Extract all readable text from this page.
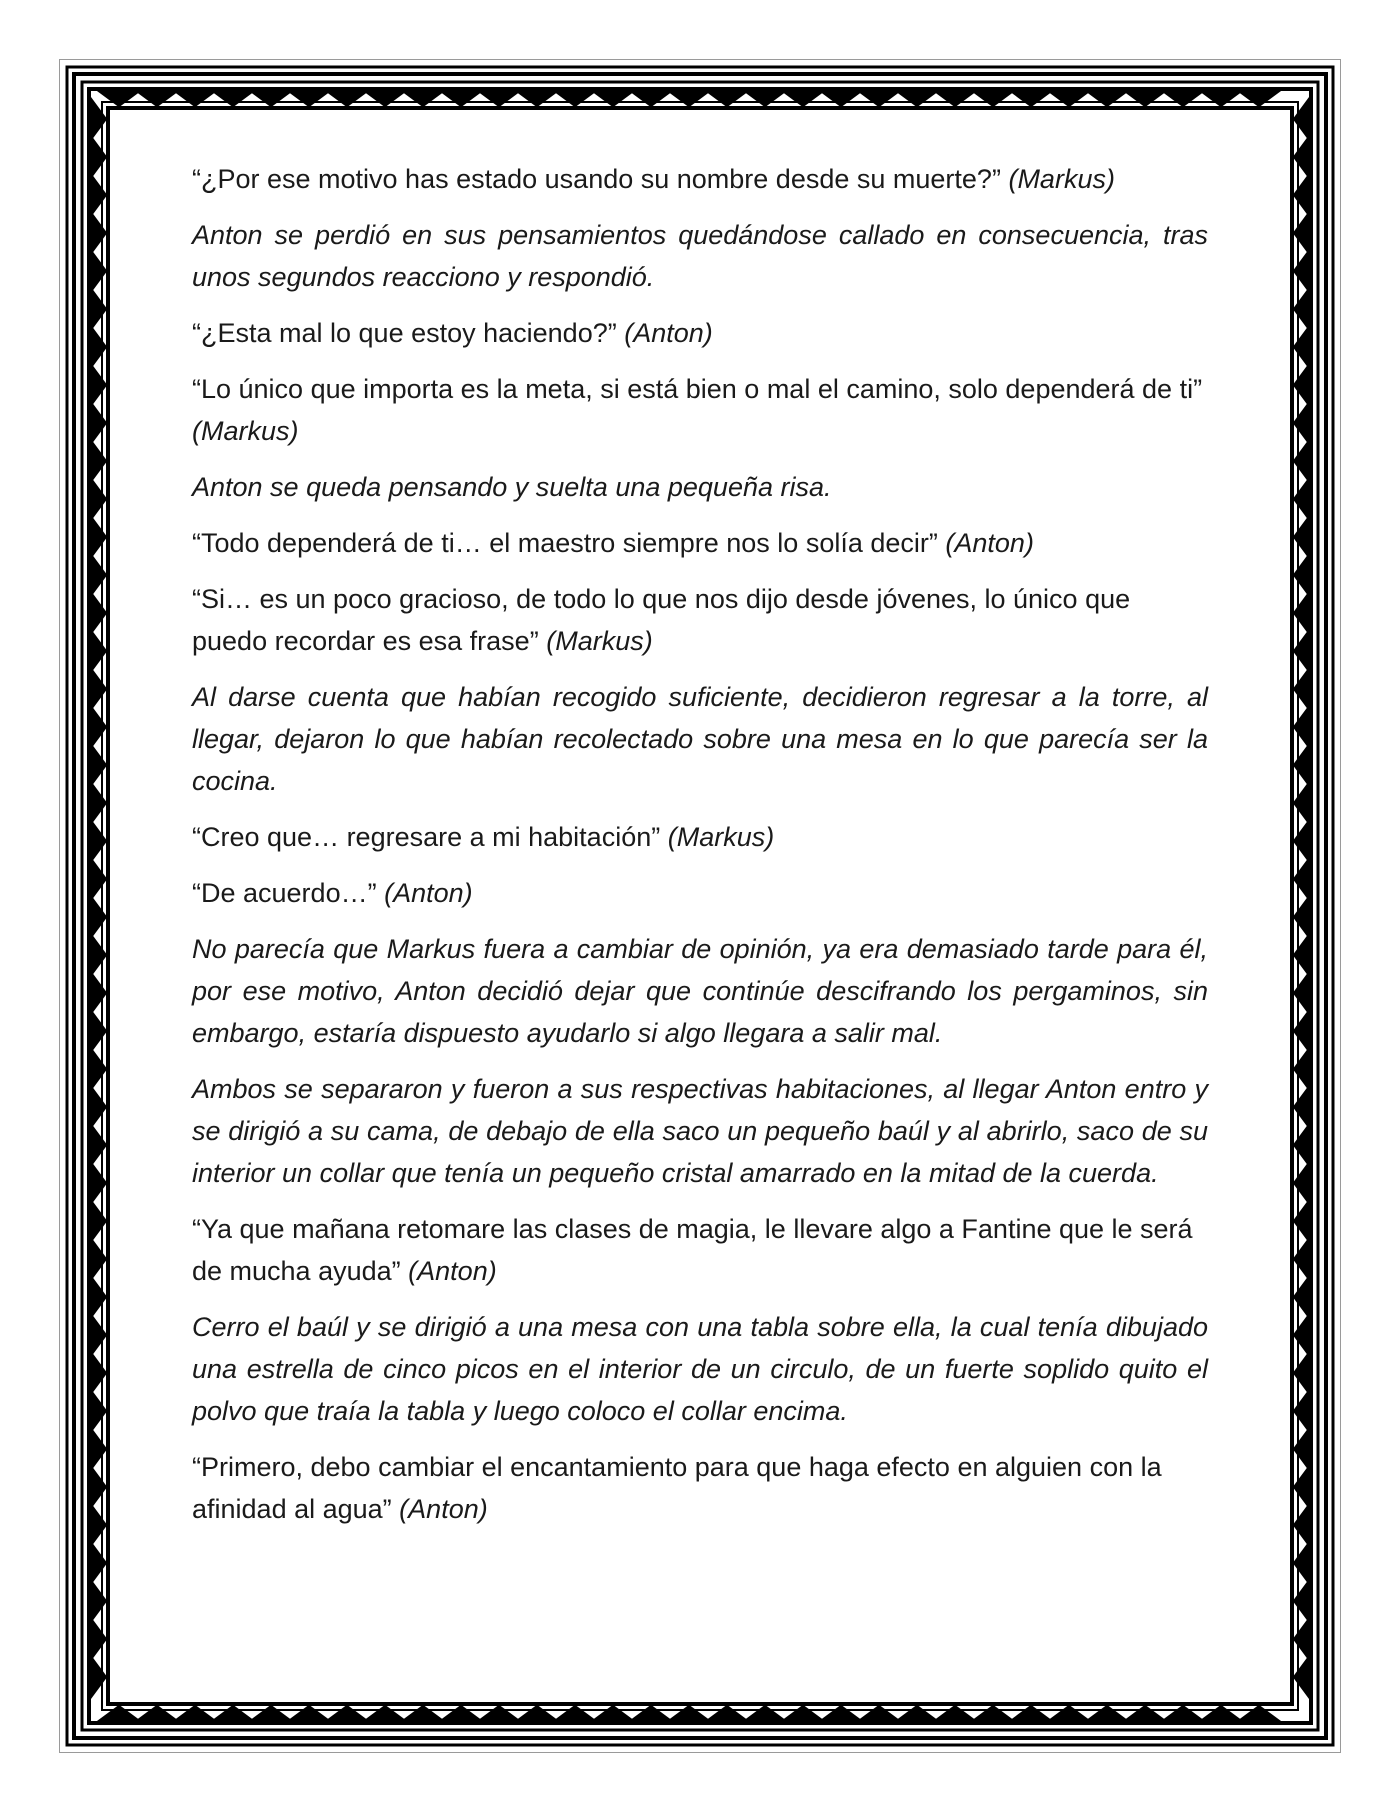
“¿Por ese motivo has estado usando su nombre desde su muerte?” (Markus)

Anton se perdió en sus pensamientos quedándose callado en consecuencia, tras unos segundos reacciono y respondió.

“¿Esta mal lo que estoy haciendo?” (Anton)

“Lo único que importa es la meta, si está bien o mal el camino, solo dependerá de ti” (Markus)

Anton se queda pensando y suelta una pequeña risa.

“Todo dependerá de ti… el maestro siempre nos lo solía decir” (Anton)

“Si… es un poco gracioso, de todo lo que nos dijo desde jóvenes, lo único que puedo recordar es esa frase” (Markus)

Al darse cuenta que habían recogido suficiente, decidieron regresar a la torre, al llegar, dejaron lo que habían recolectado sobre una mesa en lo que parecía ser la cocina.

“Creo que… regresare a mi habitación” (Markus)

“De acuerdo…” (Anton)

No parecía que Markus fuera a cambiar de opinión, ya era demasiado tarde para él, por ese motivo, Anton decidió dejar que continúe descifrando los pergaminos, sin embargo, estaría dispuesto ayudarlo si algo llegara a salir mal.

Ambos se separaron y fueron a sus respectivas habitaciones, al llegar Anton entro y se dirigió a su cama, de debajo de ella saco un pequeño baúl y al abrirlo, saco de su interior un collar que tenía un pequeño cristal amarrado en la mitad de la cuerda.

“Ya que mañana retomare las clases de magia, le llevare algo a Fantine que le será de mucha ayuda” (Anton)

Cerro el baúl y se dirigió a una mesa con una tabla sobre ella, la cual tenía dibujado una estrella de cinco picos en el interior de un circulo, de un fuerte soplido quito el polvo que traía la tabla y luego coloco el collar encima.

“Primero, debo cambiar el encantamiento para que haga efecto en alguien con la afinidad al agua” (Anton)
